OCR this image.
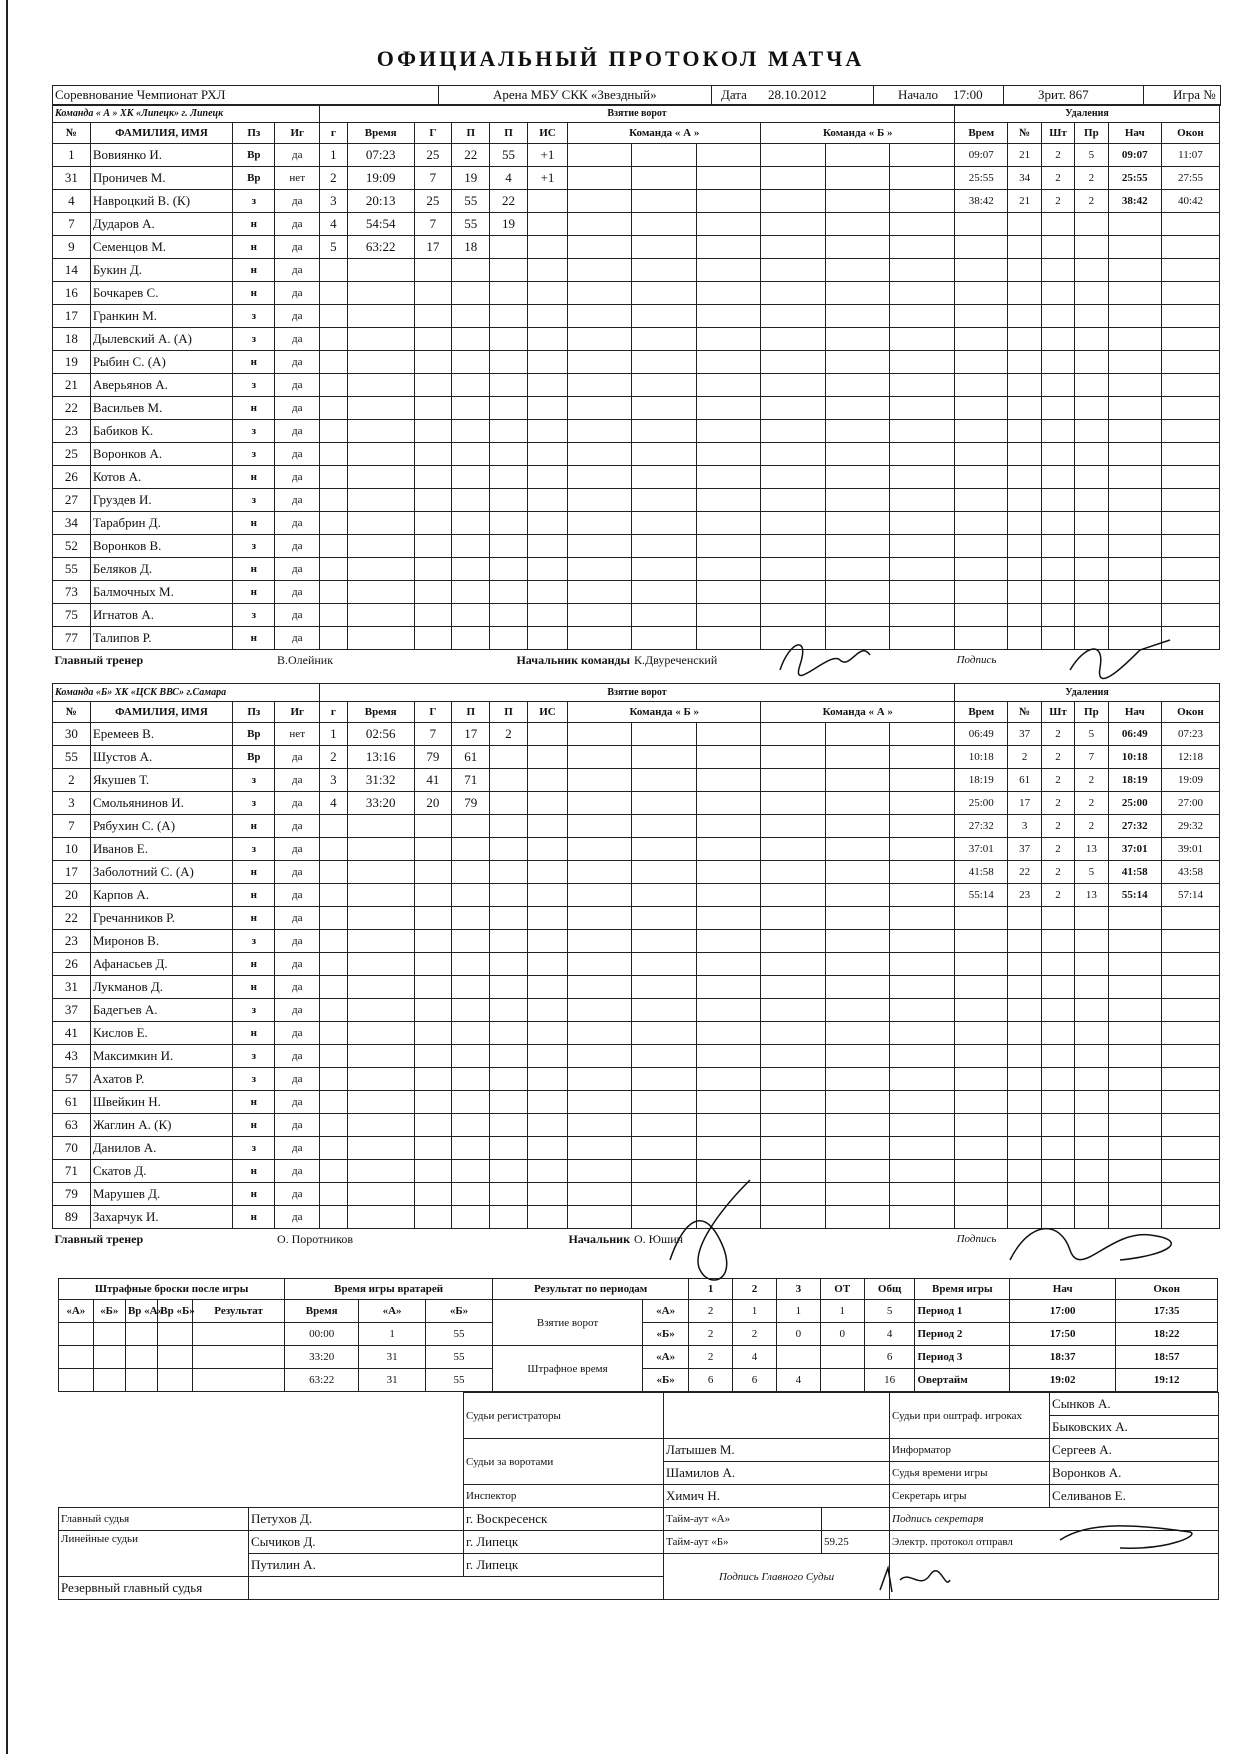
ОФИЦИАЛЬНЫЙ ПРОТОКОЛ МАТЧА
Соревнование Чемпионат РХЛ	Арена МБУ СКК «Звездный»	Дата 28.10.2012	Начало 17:00	Зрит. 867	Игра №
Команда « А » ХК «Липецк» г. Липецк				Взятие ворот												Удаления					
№	ФАМИЛИЯ, ИМЯ	Пз	Иг	г	Время	Г	П	П	ИС	Команда « А »			Команда « Б »			Врем	№	Шт	Пр	Нач	Окон
1	Вовиянко И.	Вр	да	1	07:23	25	22	55	+1							09:07	21	2	5	09:07	11:07
31	Проничев М.	Вр	нет	2	19:09	7	19	4	+1							25:55	34	2	2	25:55	27:55
4	Навроцкий В. (К)	з	да	3	20:13	25	55	22								38:42	21	2	2	38:42	40:42
7	Дударов А.	н	да	4	54:54	7	55	19													
9	Семенцов М.	н	да	5	63:22	17	18														
14	Букин Д.	н	да																		
16	Бочкарев С.	н	да																		
17	Гранкин М.	з	да																		
18	Дылевский А. (А)	з	да																		
19	Рыбин С. (А)	н	да																		
21	Аверьянов А.	з	да																		
22	Васильев М.	н	да																		
23	Бабиков К.	з	да																		
25	Воронков А.	з	да																		
26	Котов А.	н	да																		
27	Груздев И.	з	да																		
34	Тарабрин Д.	н	да																		
52	Воронков В.	з	да																		
55	Беляков Д.	н	да																		
73	Балмочных М.	н	да																		
75	Игнатов А.	з	да																		
77	Талипов Р.	н	да																		
Главный тренер			В.Олейник				Начальник команды				К.Двуреченский					Подпись					
Команда «Б» ХК «ЦСК ВВС» г.Самара				Взятие ворот												Удаления					
№	ФАМИЛИЯ, ИМЯ	Пз	Иг	г	Время	Г	П	П	ИС	Команда « Б »			Команда « А »			Врем	№	Шт	Пр	Нач	Окон
30	Еремеев В.	Вр	нет	1	02:56	7	17	2								06:49	37	2	5	06:49	07:23
55	Шустов А.	Вр	да	2	13:16	79	61									10:18	2	2	7	10:18	12:18
2	Якушев Т.	з	да	3	31:32	41	71									18:19	61	2	2	18:19	19:09
3	Смольянинов И.	з	да	4	33:20	20	79									25:00	17	2	2	25:00	27:00
7	Рябухин С. (А)	н	да													27:32	3	2	2	27:32	29:32
10	Иванов Е.	з	да													37:01	37	2	13	37:01	39:01
17	Заболотний С. (А)	н	да													41:58	22	2	5	41:58	43:58
20	Карпов А.	н	да													55:14	23	2	13	55:14	57:14
22	Гречанников Р.	н	да																		
23	Миронов В.	з	да																		
26	Афанасьев Д.	н	да																		
31	Лукманов Д.	н	да																		
37	Бадегьев А.	з	да																		
41	Кислов Е.	н	да																		
43	Максимкин И.	з	да																		
57	Ахатов Р.	з	да																		
61	Швейкин Н.	н	да																		
63	Жаглин А. (К)	н	да																		
70	Данилов А.	з	да																		
71	Скатов Д.	н	да																		
79	Марушев Д.	н	да																		
89	Захарчук И.	н	да																		
Главный тренер			О. Поротников				Начальник				О. Юшин					Подпись					
Штрафные броски после игры					Время игры вратарей			Результат по периодам		1	2	3	ОТ	Общ	Время игры	Нач	Окон
«А»	«Б»	Вр «А»	Вр «Б»	Результат	Время	«А»	«Б»	Взятие ворот	«А»	2	1	1	1	5	Период 1	17:00	17:35
					00:00	1	55		«Б»	2	2	0	0	4	Период 2	17:50	18:22
					33:20	31	55	Штрафное время	«А»	2	4			6	Период 3	18:37	18:57
					63:22	31	55		«Б»	6	6	4		16	Овертайм	19:02	19:12
		Судьи регистраторы			Судьи при оштраф. игроках	Сынков А.
						Быковских А.
		Судьи за воротами	Латышев М.		Информатор	Сергеев А.
			Шамилов А.		Судья времени игры	Воронков А.
		Инспектор	Химич Н.		Секретарь игры	Селиванов Е.
Главный судья	Петухов Д.	г. Воскресенск	Тайм-аут «А»		Подпись секретаря	
Линейные судьи	Сычиков Д.	г. Липецк	Тайм-аут «Б»	59.25	Электр. протокол отправл	
	Путилин А.	г. Липецк	Подпись Главного Судьи			
Резервный главный судья						
